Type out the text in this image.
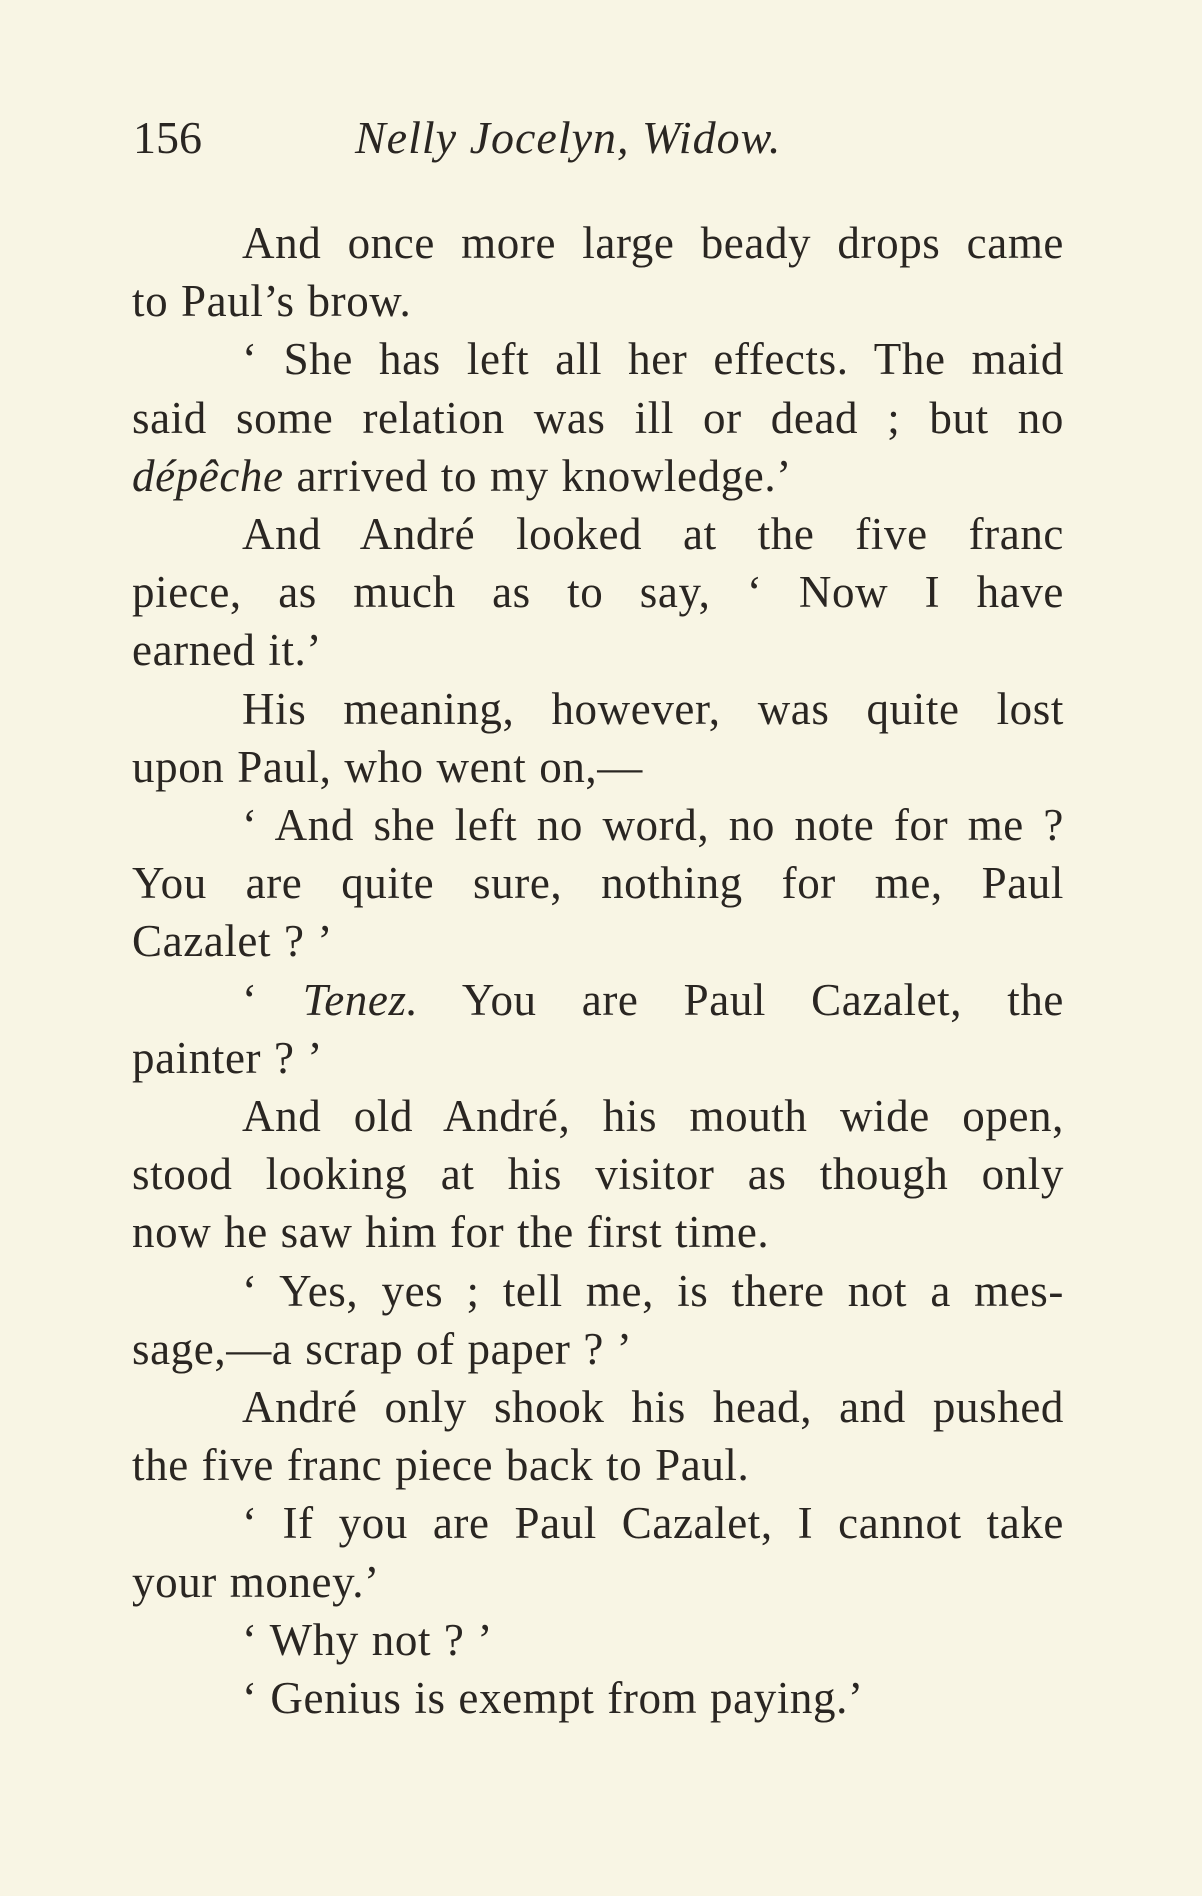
156	Nelly Jocelyn, Widow.
And once more large beady drops came
to Paul’s brow.
‘ She has left all her effects. The maid
said some relation was ill or dead ; but no
dépêche arrived to my knowledge.’
And André looked at the five franc
piece, as much as to say, ‘ Now I have
earned it.’
His meaning, however, was quite lost
upon Paul, who went on,—
‘ And she left no word, no note for me ?
You are quite sure, nothing for me, Paul
Cazalet ? ’
‘ Tenez. You are Paul Cazalet, the
painter ? ’
And old André, his mouth wide open,
stood looking at his visitor as though only
now he saw him for the first time.
‘ Yes, yes ; tell me, is there not a mes-
sage,—a scrap of paper ? ’
André only shook his head, and pushed
the five franc piece back to Paul.
‘ If you are Paul Cazalet, I cannot take
your money.’
‘ Why not ? ’
‘ Genius is exempt from paying.’
